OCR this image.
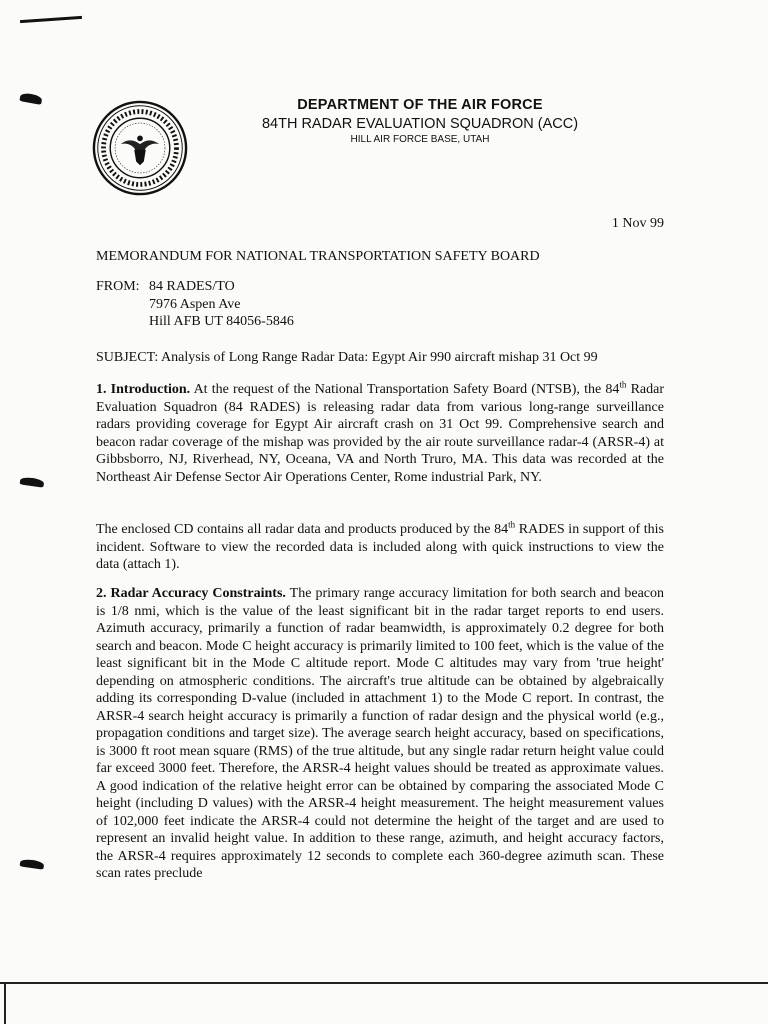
DEPARTMENT OF THE AIR FORCE
84TH RADAR EVALUATION SQUADRON (ACC)
HILL AIR FORCE BASE, UTAH
1 Nov 99
MEMORANDUM FOR NATIONAL TRANSPORTATION SAFETY BOARD
FROM: 84 RADES/TO
7976 Aspen Ave
Hill AFB UT 84056-5846
SUBJECT: Analysis of Long Range Radar Data: Egypt Air 990 aircraft mishap 31 Oct 99
1. Introduction. At the request of the National Transportation Safety Board (NTSB), the 84th Radar Evaluation Squadron (84 RADES) is releasing radar data from various long-range surveillance radars providing coverage for Egypt Air aircraft crash on 31 Oct 99. Comprehensive search and beacon radar coverage of the mishap was provided by the air route surveillance radar-4 (ARSR-4) at Gibbsborro, NJ, Riverhead, NY, Oceana, VA and North Truro, MA. This data was recorded at the Northeast Air Defense Sector Air Operations Center, Rome industrial Park, NY.
The enclosed CD contains all radar data and products produced by the 84th RADES in support of this incident. Software to view the recorded data is included along with quick instructions to view the data (attach 1).
2. Radar Accuracy Constraints. The primary range accuracy limitation for both search and beacon is 1/8 nmi, which is the value of the least significant bit in the radar target reports to end users. Azimuth accuracy, primarily a function of radar beamwidth, is approximately 0.2 degree for both search and beacon. Mode C height accuracy is primarily limited to 100 feet, which is the value of the least significant bit in the Mode C altitude report. Mode C altitudes may vary from 'true height' depending on atmospheric conditions. The aircraft's true altitude can be obtained by algebraically adding its corresponding D-value (included in attachment 1) to the Mode C report. In contrast, the ARSR-4 search height accuracy is primarily a function of radar design and the physical world (e.g., propagation conditions and target size). The average search height accuracy, based on specifications, is 3000 ft root mean square (RMS) of the true altitude, but any single radar return height value could far exceed 3000 feet. Therefore, the ARSR-4 height values should be treated as approximate values. A good indication of the relative height error can be obtained by comparing the associated Mode C height (including D values) with the ARSR-4 height measurement. The height measurement values of 102,000 feet indicate the ARSR-4 could not determine the height of the target and are used to represent an invalid height value. In addition to these range, azimuth, and height accuracy factors, the ARSR-4 requires approximately 12 seconds to complete each 360-degree azimuth scan. These scan rates preclude
